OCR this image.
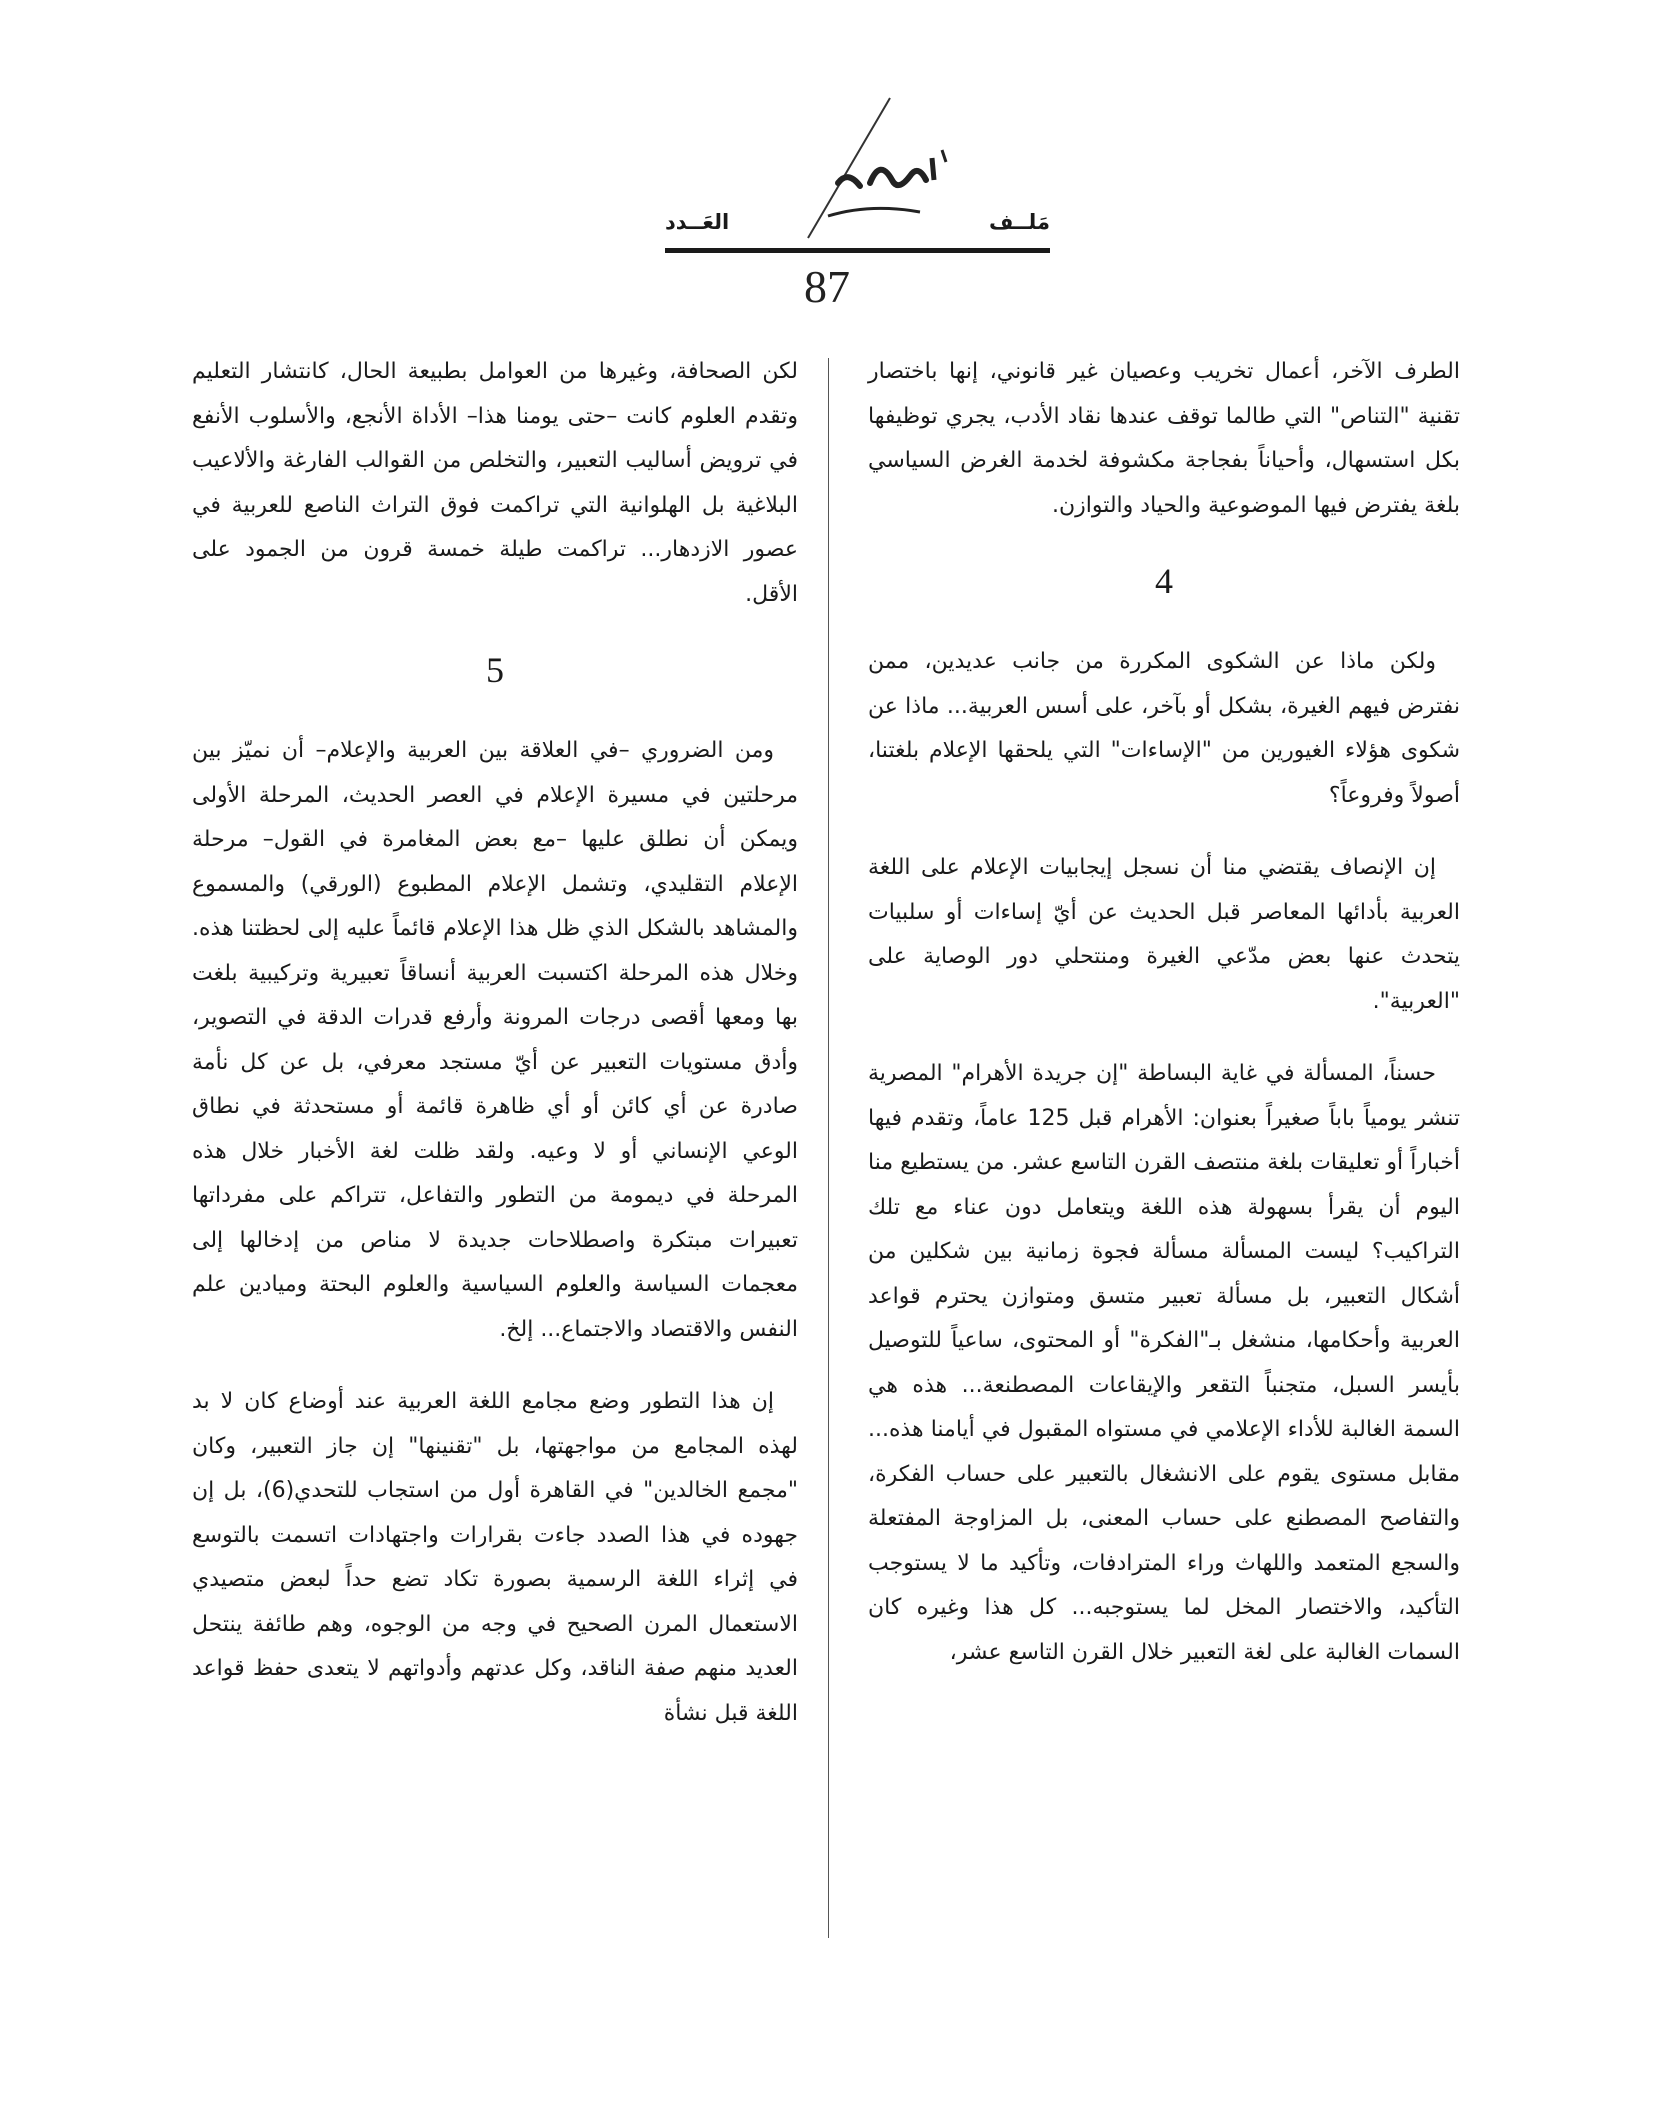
العَــدد	مَلــف
87

الطرف الآخر، أعمال تخريب وعصيان غير قانوني، إنها باختصار تقنية "التناص" التي طالما توقف عندها نقاد الأدب، يجري توظيفها بكل استسهال، وأحياناً بفجاجة مكشوفة لخدمة الغرض السياسي بلغة يفترض فيها الموضوعية والحياد والتوازن.

4

ولكن ماذا عن الشكوى المكررة من جانب عديدين، ممن نفترض فيهم الغيرة، بشكل أو بآخر، على أسس العربية... ماذا عن شكوى هؤلاء الغيورين من "الإساءات" التي يلحقها الإعلام بلغتنا، أصولاً وفروعاً؟

إن الإنصاف يقتضي منا أن نسجل إيجابيات الإعلام على اللغة العربية بأدائها المعاصر قبل الحديث عن أيّ إساءات أو سلبيات يتحدث عنها بعض مدّعي الغيرة ومنتحلي دور الوصاية على "العربية".

حسناً، المسألة في غاية البساطة "إن جريدة الأهرام" المصرية تنشر يومياً باباً صغيراً بعنوان: الأهرام قبل 125 عاماً، وتقدم فيها أخباراً أو تعليقات بلغة منتصف القرن التاسع عشر. من يستطيع منا اليوم أن يقرأ بسهولة هذه اللغة ويتعامل دون عناء مع تلك التراكيب؟ ليست المسألة مسألة فجوة زمانية بين شكلين من أشكال التعبير، بل مسألة تعبير متسق ومتوازن يحترم قواعد العربية وأحكامها، منشغل بـ"الفكرة" أو المحتوى، ساعياً للتوصيل بأيسر السبل، متجنباً التقعر والإيقاعات المصطنعة... هذه هي السمة الغالبة للأداء الإعلامي في مستواه المقبول في أيامنا هذه... مقابل مستوى يقوم على الانشغال بالتعبير على حساب الفكرة، والتفاصح المصطنع على حساب المعنى، بل المزاوجة المفتعلة والسجع المتعمد واللهاث وراء المترادفات، وتأكيد ما لا يستوجب التأكيد، والاختصار المخل لما يستوجبه... كل هذا وغيره كان السمات الغالبة على لغة التعبير خلال القرن التاسع عشر،

لكن الصحافة، وغيرها من العوامل بطبيعة الحال، كانتشار التعليم وتقدم العلوم كانت –حتى يومنا هذا– الأداة الأنجع، والأسلوب الأنفع في ترويض أساليب التعبير، والتخلص من القوالب الفارغة والألاعيب البلاغية بل الهلوانية التي تراكمت فوق التراث الناصع للعربية في عصور الازدهار... تراكمت طيلة خمسة قرون من الجمود على الأقل.

5

ومن الضروري –في العلاقة بين العربية والإعلام– أن نميّز بين مرحلتين في مسيرة الإعلام في العصر الحديث، المرحلة الأولى ويمكن أن نطلق عليها –مع بعض المغامرة في القول– مرحلة الإعلام التقليدي، وتشمل الإعلام المطبوع (الورقي) والمسموع والمشاهد بالشكل الذي ظل هذا الإعلام قائماً عليه إلى لحظتنا هذه. وخلال هذه المرحلة اكتسبت العربية أنساقاً تعبيرية وتركيبية بلغت بها ومعها أقصى درجات المرونة وأرفع قدرات الدقة في التصوير، وأدق مستويات التعبير عن أيّ مستجد معرفي، بل عن كل نأمة صادرة عن أي كائن أو أي ظاهرة قائمة أو مستحدثة في نطاق الوعي الإنساني أو لا وعيه. ولقد ظلت لغة الأخبار خلال هذه المرحلة في ديمومة من التطور والتفاعل، تتراكم على مفرداتها تعبيرات مبتكرة واصطلاحات جديدة لا مناص من إدخالها إلى معجمات السياسة والعلوم السياسية والعلوم البحتة وميادين علم النفس والاقتصاد والاجتماع... إلخ.

إن هذا التطور وضع مجامع اللغة العربية عند أوضاع كان لا بد لهذه المجامع من مواجهتها، بل "تقنينها" إن جاز التعبير، وكان "مجمع الخالدين" في القاهرة أول من استجاب للتحدي(6)، بل إن جهوده في هذا الصدد جاءت بقرارات واجتهادات اتسمت بالتوسع في إثراء اللغة الرسمية بصورة تكاد تضع حداً لبعض متصيدي الاستعمال المرن الصحيح في وجه من الوجوه، وهم طائفة ينتحل العديد منهم صفة الناقد، وكل عدتهم وأدواتهم لا يتعدى حفظ قواعد اللغة قبل نشأة
